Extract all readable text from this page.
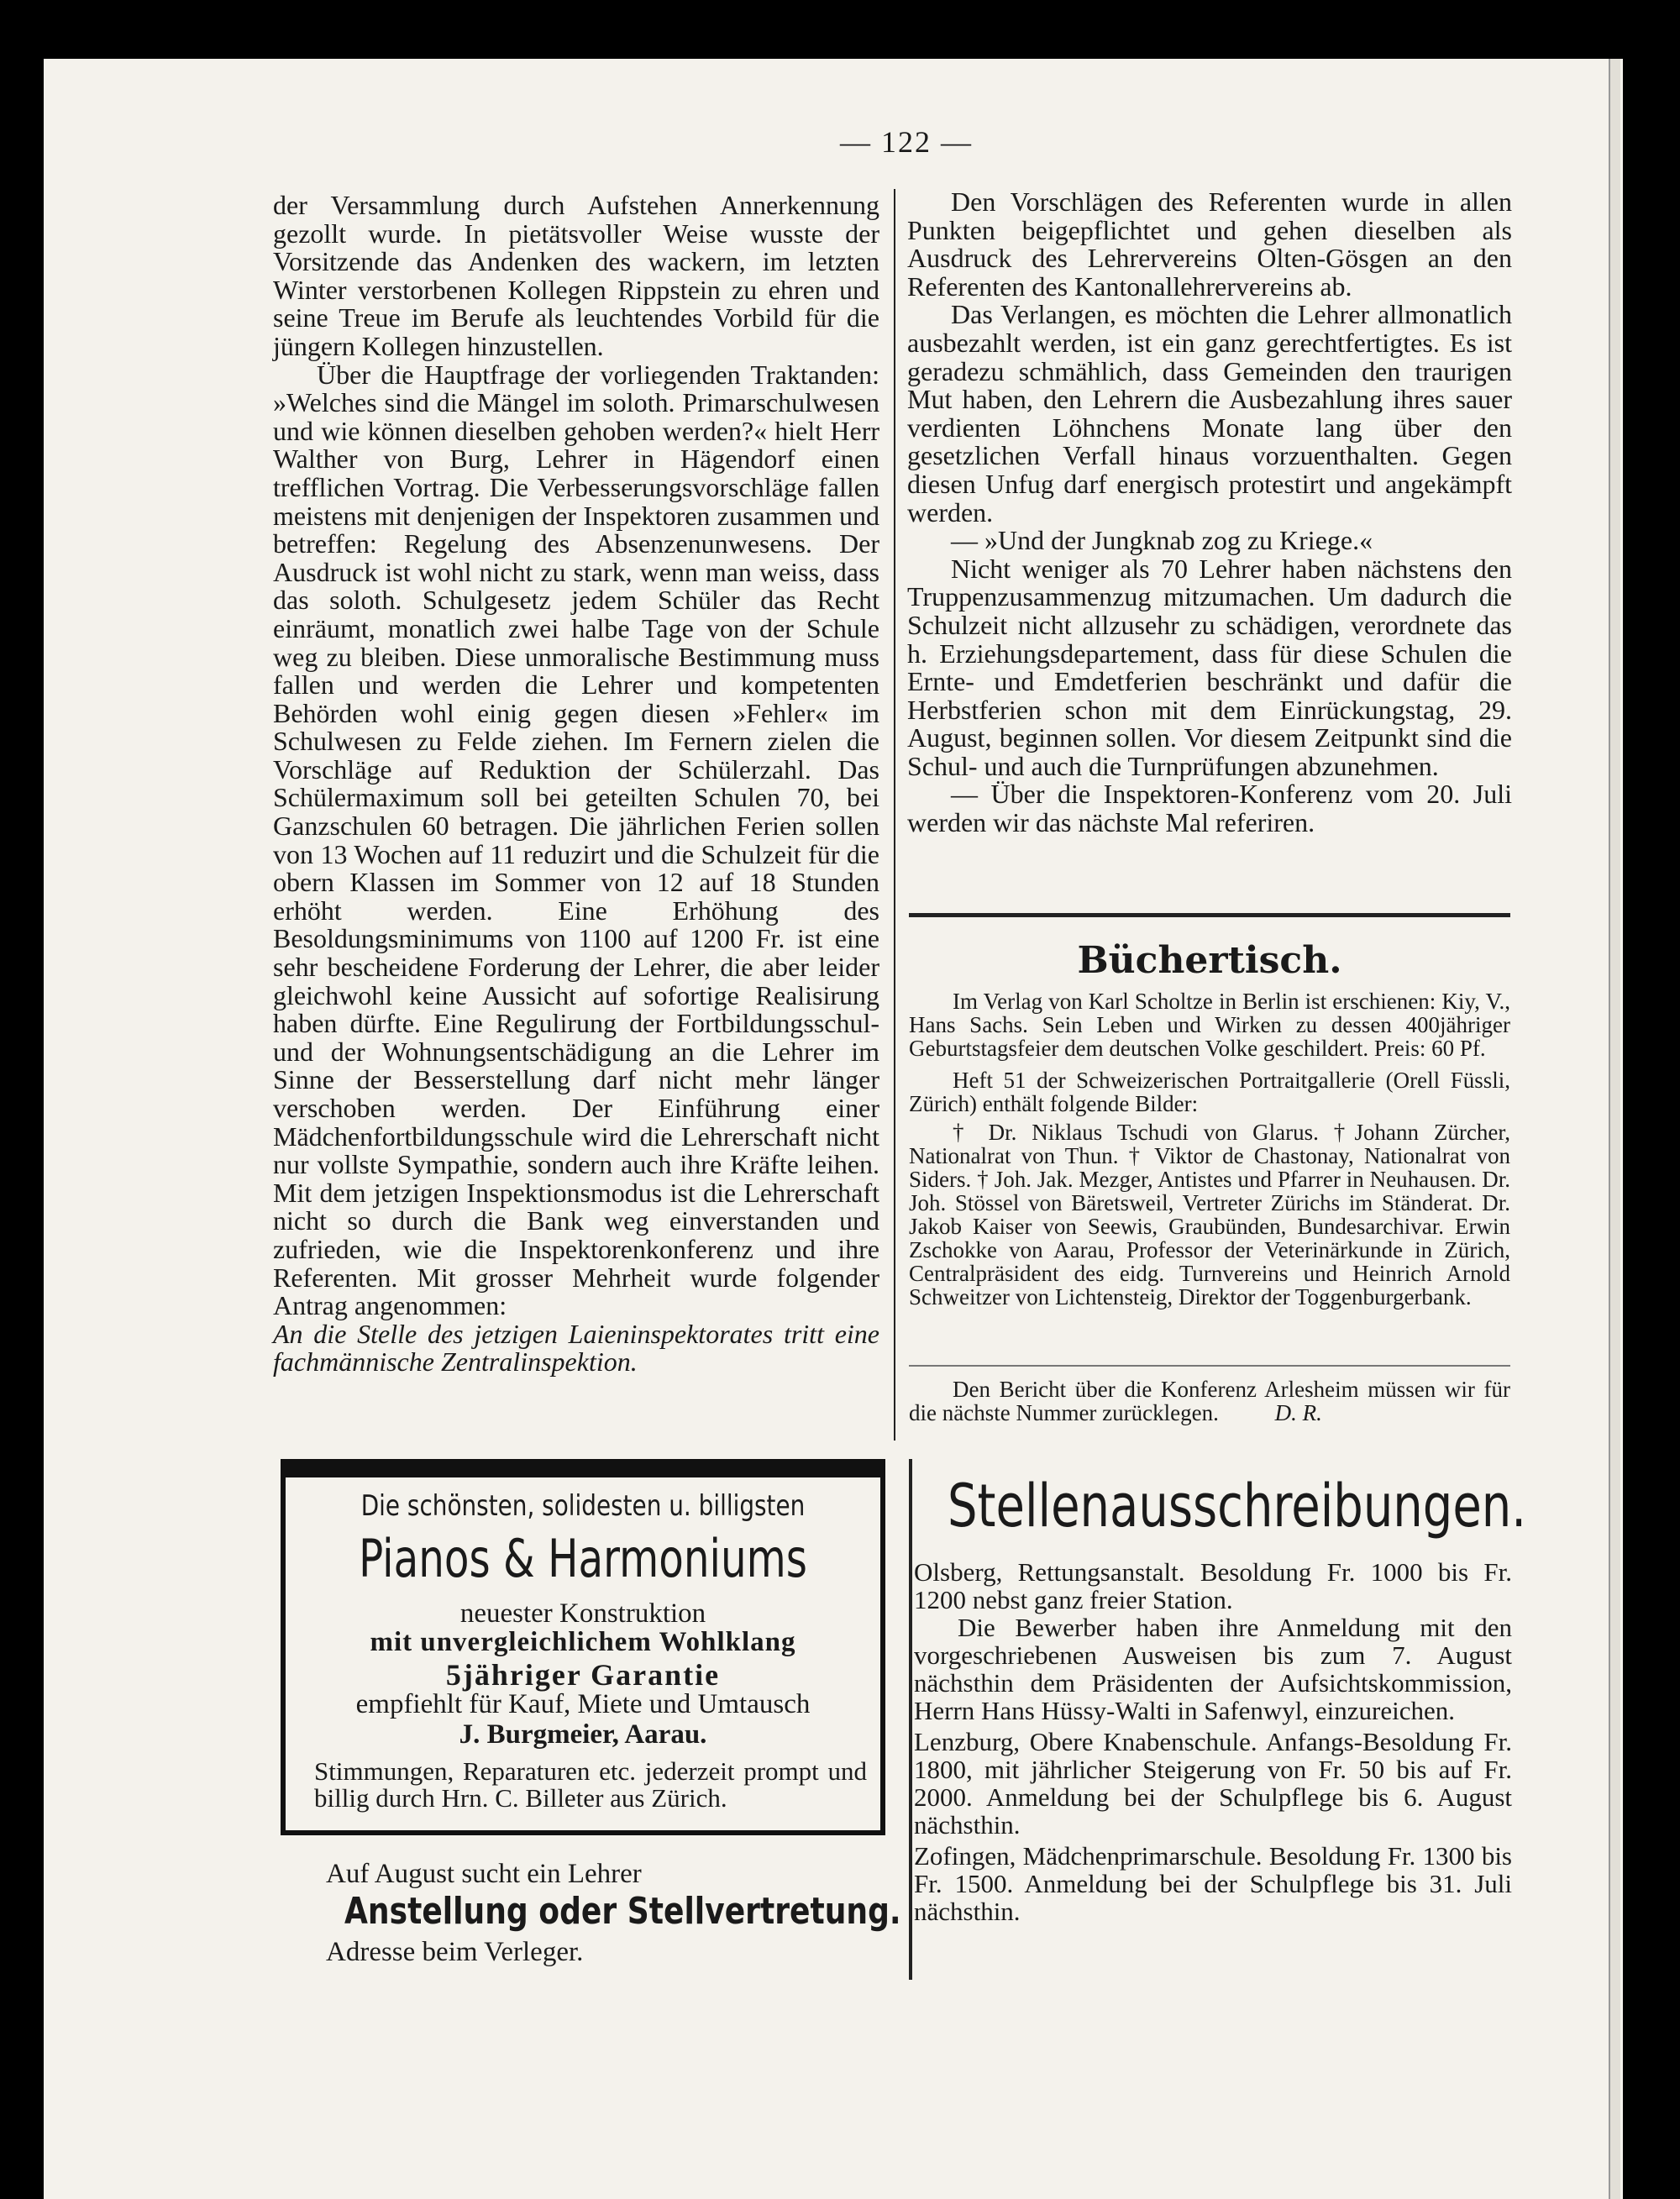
— 122 —

der Versammlung durch Aufstehen Annerkennung gezollt wurde. In pietätsvoller Weise wusste der Vorsitzende das Andenken des wackern, im letzten Winter verstorbenen Kollegen Rippstein zu ehren und seine Treue im Berufe als leuchtendes Vorbild für die jüngern Kollegen hinzustellen.

Über die Hauptfrage der vorliegenden Traktanden: »Welches sind die Mängel im soloth. Primarschulwesen und wie können dieselben gehoben werden?« hielt Herr Walther von Burg, Lehrer in Hägendorf einen trefflichen Vortrag. Die Verbesserungsvorschläge fallen meistens mit denjenigen der Inspektoren zusammen und betreffen: Regelung des Absenzenunwesens. Der Ausdruck ist wohl nicht zu stark, wenn man weiss, dass das soloth. Schulgesetz jedem Schüler das Recht einräumt, monatlich zwei halbe Tage von der Schule weg zu bleiben. Diese unmoralische Bestimmung muss fallen und werden die Lehrer und kompetenten Behörden wohl einig gegen diesen »Fehler« im Schulwesen zu Felde ziehen. Im Fernern zielen die Vorschläge auf Reduktion der Schülerzahl. Das Schülermaximum soll bei geteilten Schulen 70, bei Ganzschulen 60 betragen. Die jährlichen Ferien sollen von 13 Wochen auf 11 reduzirt und die Schulzeit für die obern Klassen im Sommer von 12 auf 18 Stunden erhöht werden. Eine Erhöhung des Besoldungsminimums von 1100 auf 1200 Fr. ist eine sehr bescheidene Forderung der Lehrer, die aber leider gleichwohl keine Aussicht auf sofortige Realisirung haben dürfte. Eine Regulirung der Fortbildungsschul- und der Wohnungsentschädigung an die Lehrer im Sinne der Besserstellung darf nicht mehr länger verschoben werden. Der Einführung einer Mädchenfortbildungsschule wird die Lehrerschaft nicht nur vollste Sympathie, sondern auch ihre Kräfte leihen. Mit dem jetzigen Inspektionsmodus ist die Lehrerschaft nicht so durch die Bank weg einverstanden und zufrieden, wie die Inspektorenkonferenz und ihre Referenten. Mit grosser Mehrheit wurde folgender Antrag angenommen:

An die Stelle des jetzigen Laieninspektorates tritt eine fachmännische Zentralinspektion.

Den Vorschlägen des Referenten wurde in allen Punkten beigepflichtet und gehen dieselben als Ausdruck des Lehrervereins Olten-Gösgen an den Referenten des Kantonallehrervereins ab.

Das Verlangen, es möchten die Lehrer allmonatlich ausbezahlt werden, ist ein ganz gerechtfertigtes. Es ist geradezu schmählich, dass Gemeinden den traurigen Mut haben, den Lehrern die Ausbezahlung ihres sauer verdienten Löhnchens Monate lang über den gesetzlichen Verfall hinaus vorzuenthalten. Gegen diesen Unfug darf energisch protestirt und angekämpft werden.

— »Und der Jungknab zog zu Kriege.«

Nicht weniger als 70 Lehrer haben nächstens den Truppenzusammenzug mitzumachen. Um dadurch die Schulzeit nicht allzusehr zu schädigen, verordnete das h. Erziehungsdepartement, dass für diese Schulen die Ernte- und Emdetferien beschränkt und dafür die Herbstferien schon mit dem Einrückungstag, 29. August, beginnen sollen. Vor diesem Zeitpunkt sind die Schul- und auch die Turnprüfungen abzunehmen.

— Über die Inspektoren-Konferenz vom 20. Juli werden wir das nächste Mal referiren.

Büchertisch.

Im Verlag von Karl Scholtze in Berlin ist erschienen: Kiy, V., Hans Sachs. Sein Leben und Wirken zu dessen 400jähriger Geburtstagsfeier dem deutschen Volke geschildert. Preis: 60 Pf.

Heft 51 der Schweizerischen Portraitgallerie (Orell Füssli, Zürich) enthält folgende Bilder:

† Dr. Niklaus Tschudi von Glarus. †Johann Zürcher, Nationalrat von Thun. † Viktor de Chastonay, Nationalrat von Siders. † Joh. Jak. Mezger, Antistes und Pfarrer in Neuhausen. Dr. Joh. Stössel von Bäretsweil, Vertreter Zürichs im Ständerat. Dr. Jakob Kaiser von Seewis, Graubünden, Bundesarchivar. Erwin Zschokke von Aarau, Professor der Veterinärkunde in Zürich, Centralpräsident des eidg. Turnvereins und Heinrich Arnold Schweitzer von Lichtensteig, Direktor der Toggenburgerbank.

Den Bericht über die Konferenz Arlesheim müssen wir für die nächste Nummer zurücklegen. D. R.

Die schönsten, solidesten u. billigsten
Pianos & Harmoniums
neuester Konstruktion
mit unvergleichlichem Wohlklang
5jähriger Garantie
empfiehlt für Kauf, Miete und Umtausch
J. Burgmeier, Aarau.
Stimmungen, Reparaturen etc. jederzeit prompt und billig durch Hrn. C. Billeter aus Zürich.
Auf August sucht ein Lehrer
Anstellung oder Stellvertretung.
Adresse beim Verleger.
Stellenausschreibungen.

Olsberg, Rettungsanstalt. Besoldung Fr. 1000 bis Fr. 1200 nebst ganz freier Station.

Die Bewerber haben ihre Anmeldung mit den vorgeschriebenen Ausweisen bis zum 7. August nächsthin dem Präsidenten der Aufsichtskommission, Herrn Hans Hüssy-Walti in Safenwyl, einzureichen.

Lenzburg, Obere Knabenschule. Anfangs-Besoldung Fr. 1800, mit jährlicher Steigerung von Fr. 50 bis auf Fr. 2000. Anmeldung bei der Schulpflege bis 6. August nächsthin.

Zofingen, Mädchenprimarschule. Besoldung Fr. 1300 bis Fr. 1500. Anmeldung bei der Schulpflege bis 31. Juli nächsthin.
